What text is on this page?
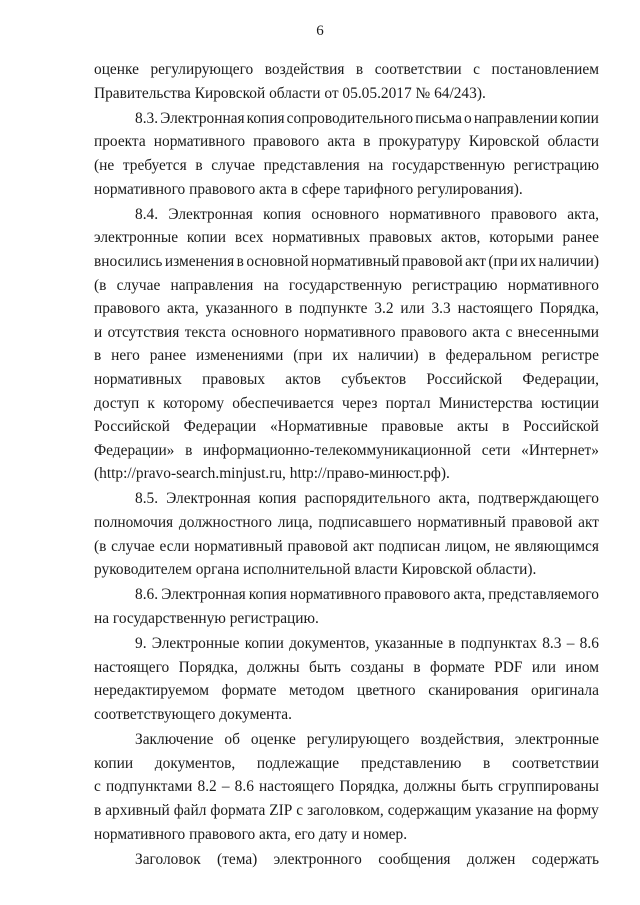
6
оценке регулирующего воздействия в соответствии с постановлением
Правительства Кировской области от 05.05.2017 № 64/243).
8.3. Электронная копия сопроводительного письма о направлении копии
проекта нормативного правового акта в прокуратуру Кировской области
(не требуется в случае представления на государственную регистрацию
нормативного правового акта в сфере тарифного регулирования).
8.4. Электронная копия основного нормативного правового акта,
электронные копии всех нормативных правовых актов, которыми ранее
вносились изменения в основной нормативный правовой акт (при их наличии)
(в случае направления на государственную регистрацию нормативного
правового акта, указанного в подпункте 3.2 или 3.3 настоящего Порядка,
и отсутствия текста основного нормативного правового акта с внесенными
в него ранее изменениями (при их наличии) в федеральном регистре
нормативных правовых актов субъектов Российской Федерации,
доступ к которому обеспечивается через портал Министерства юстиции
Российской Федерации «Нормативные правовые акты в Российской
Федерации» в информационно-телекоммуникационной сети «Интернет»
(http://pravo-search.minjust.ru, http://право-минюст.рф).
8.5. Электронная копия распорядительного акта, подтверждающего
полномочия должностного лица, подписавшего нормативный правовой акт
(в случае если нормативный правовой акт подписан лицом, не являющимся
руководителем органа исполнительной власти Кировской области).
8.6. Электронная копия нормативного правового акта, представляемого
на государственную регистрацию.
9. Электронные копии документов, указанные в подпунктах 8.3 – 8.6
настоящего Порядка, должны быть созданы в формате PDF или ином
нередактируемом формате методом цветного сканирования оригинала
соответствующего документа.
Заключение об оценке регулирующего воздействия, электронные
копии документов, подлежащие представлению в соответствии
с подпунктами 8.2 – 8.6 настоящего Порядка, должны быть сгруппированы
в архивный файл формата ZIP с заголовком, содержащим указание на форму
нормативного правового акта, его дату и номер.
Заголовок (тема) электронного сообщения должен содержать
